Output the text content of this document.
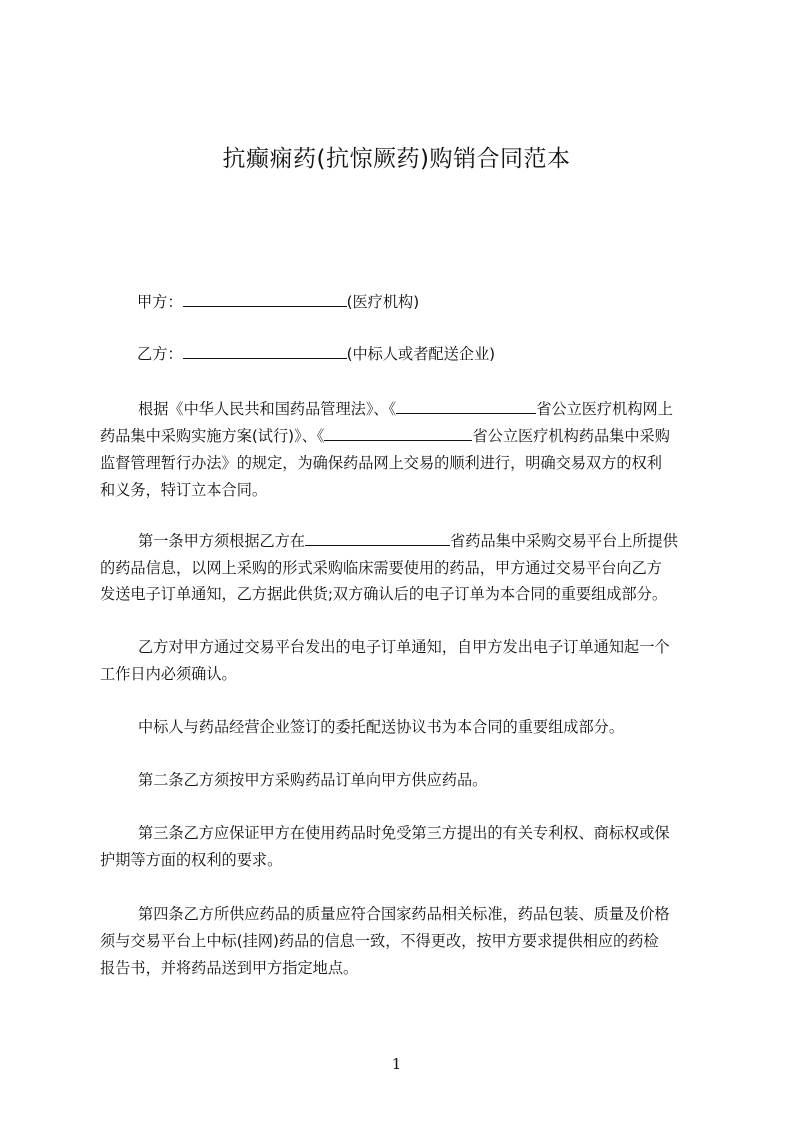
抗癫痫药(抗惊厥药)购销合同范本

甲方：	(医疗机构)

乙方：	(中标人或者配送企业)

根据《中华人民共和国药品管理法》、《	省公立医疗机构网上

药品集中采购实施方案(试行)》、《	省公立医疗机构药品集中采购

监督管理暂行办法》的规定，为确保药品网上交易的顺利进行，明确交易双方的权利

和义务，特订立本合同。

第一条甲方须根据乙方在	省药品集中采购交易平台上所提供

的药品信息，以网上采购的形式采购临床需要使用的药品，甲方通过交易平台向乙方

发送电子订单通知，乙方据此供货;双方确认后的电子订单为本合同的重要组成部分。

乙方对甲方通过交易平台发出的电子订单通知，自甲方发出电子订单通知起一个

工作日内必须确认。

中标人与药品经营企业签订的委托配送协议书为本合同的重要组成部分。

第二条乙方须按甲方采购药品订单向甲方供应药品。

第三条乙方应保证甲方在使用药品时免受第三方提出的有关专利权、商标权或保

护期等方面的权利的要求。

第四条乙方所供应药品的质量应符合国家药品相关标准，药品包装、质量及价格

须与交易平台上中标(挂网)药品的信息一致，不得更改，按甲方要求提供相应的药检

报告书，并将药品送到甲方指定地点。

1
